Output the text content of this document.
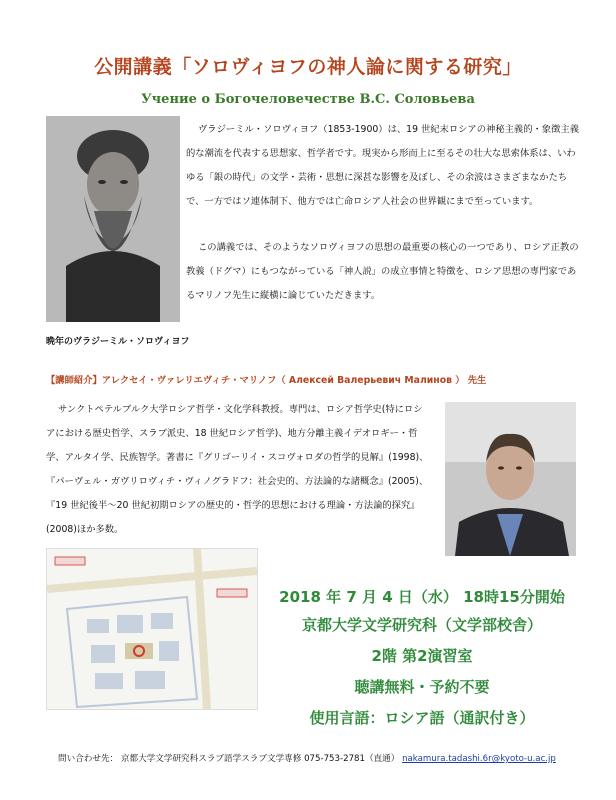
公開講義「ソロヴィヨフの神人論に関する研究」
Учение о Богочеловечестве В.С. Соловьева
晩年のヴラジーミル・ソロヴィヨフ

ヴラジーミル・ソロヴィヨフ（1853-1900）は、19 世紀末ロシアの神秘主義的・象徴主義的な潮流を代表する思想家、哲学者です。現実から形而上に至るその壮大な思索体系は、いわゆる「銀の時代」の文学・芸術・思想に深甚な影響を及ぼし、その余波はさまざまなかたちで、一方ではソ連体制下、他方では亡命ロシア人社会の世界観にまで至っています。

この講義では、そのようなソロヴィヨフの思想の最重要の核心の一つであり、ロシア正教の教義（ドグマ）にもつながっている「神人説」の成立事情と特徴を、ロシア思想の専門家であるマリノフ先生に縦横に論じていただきます。

【講師紹介】アレクセイ・ヴァレリエヴィチ・マリノフ（ Алексей Валерьевич Малинов ） 先生

サンクトペテルブルク大学ロシア哲学・文化学科教授。専門は、ロシア哲学史(特にロシアにおける歴史哲学、スラブ派史、18 世紀ロシア哲学)、地方分離主義イデオロギー・哲学、アルタイ学、民族智学。著書に『グリゴーリイ・スコヴォロダの哲学的見解』(1998)、『パーヴェル・ガヴリロヴィチ・ヴィノグラドフ：社会史的、方法論的な諸概念』(2005)、『19 世紀後半～20 世紀初期ロシアの歴史的・哲学的思想における理論・方法論的探究』(2008)ほか多数。

2018 年 7 月 4 日（水） 18時15分開始
京都大学文学研究科（文学部校舎）
2階 第2演習室
聴講無料・予約不要
使用言語：ロシア語（通訳付き）
問い合わせ先： 京都大学文学研究科スラブ語学スラブ文学専修 075-753-2781（直通） nakamura.tadashi.6r@kyoto-u.ac.jp
